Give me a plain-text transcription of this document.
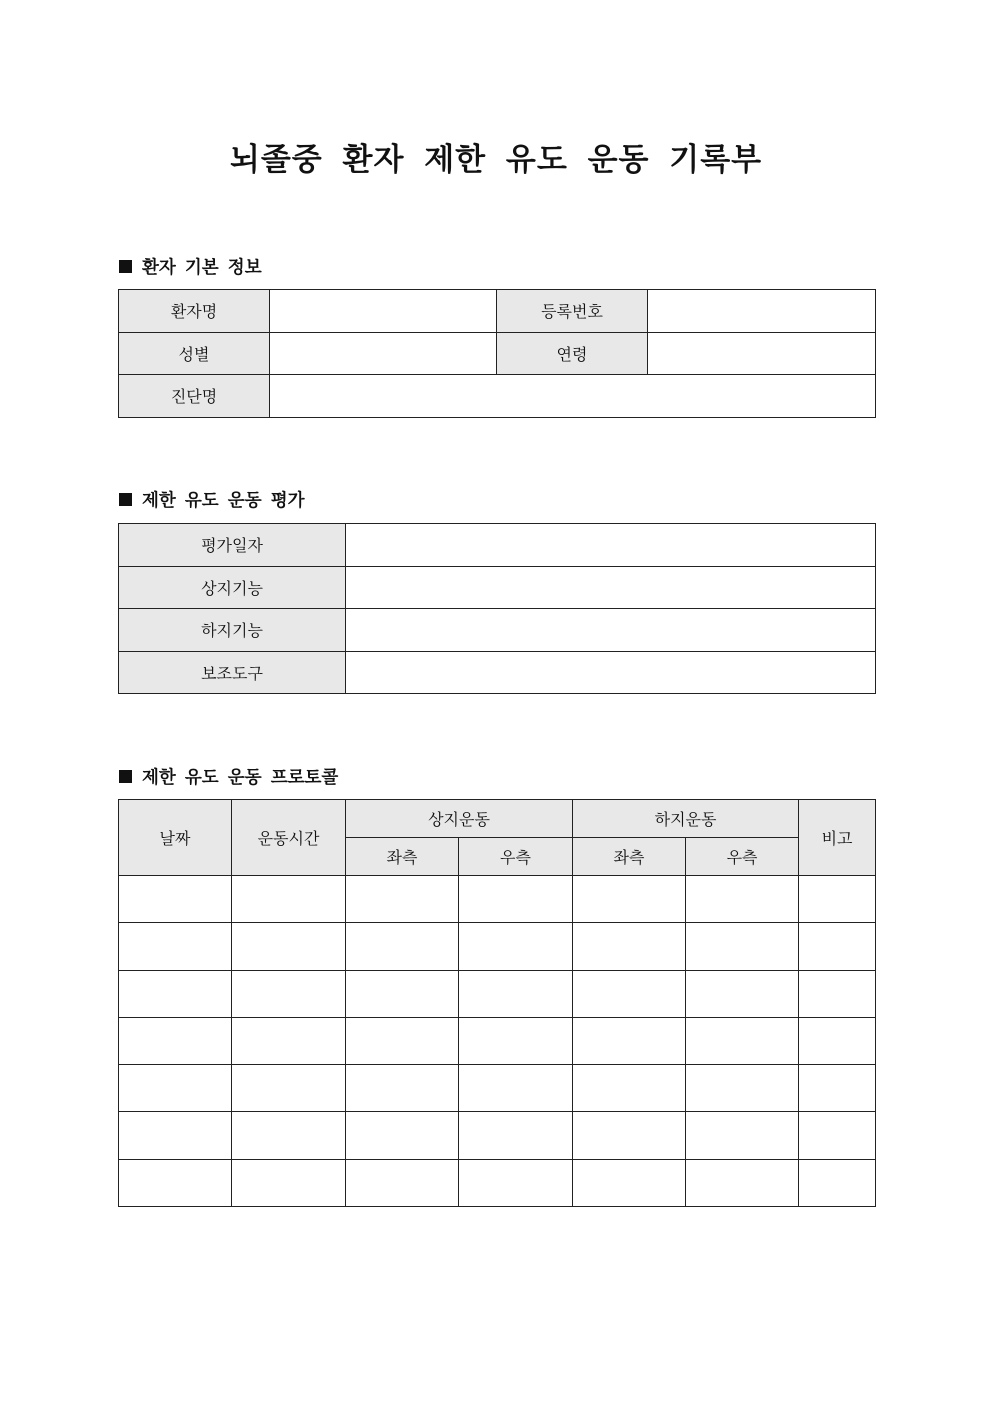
뇌졸중 환자 제한 유도 운동 기록부
환자 기본 정보
환자명		등록번호	
성별		연령	
진단명			
제한 유도 운동 평가
평가일자	
상지기능	
하지기능	
보조도구	
제한 유도 운동 프로토콜
날짜	운동시간	상지운동		하지운동		비고
		좌측	우측	좌측	우측	
